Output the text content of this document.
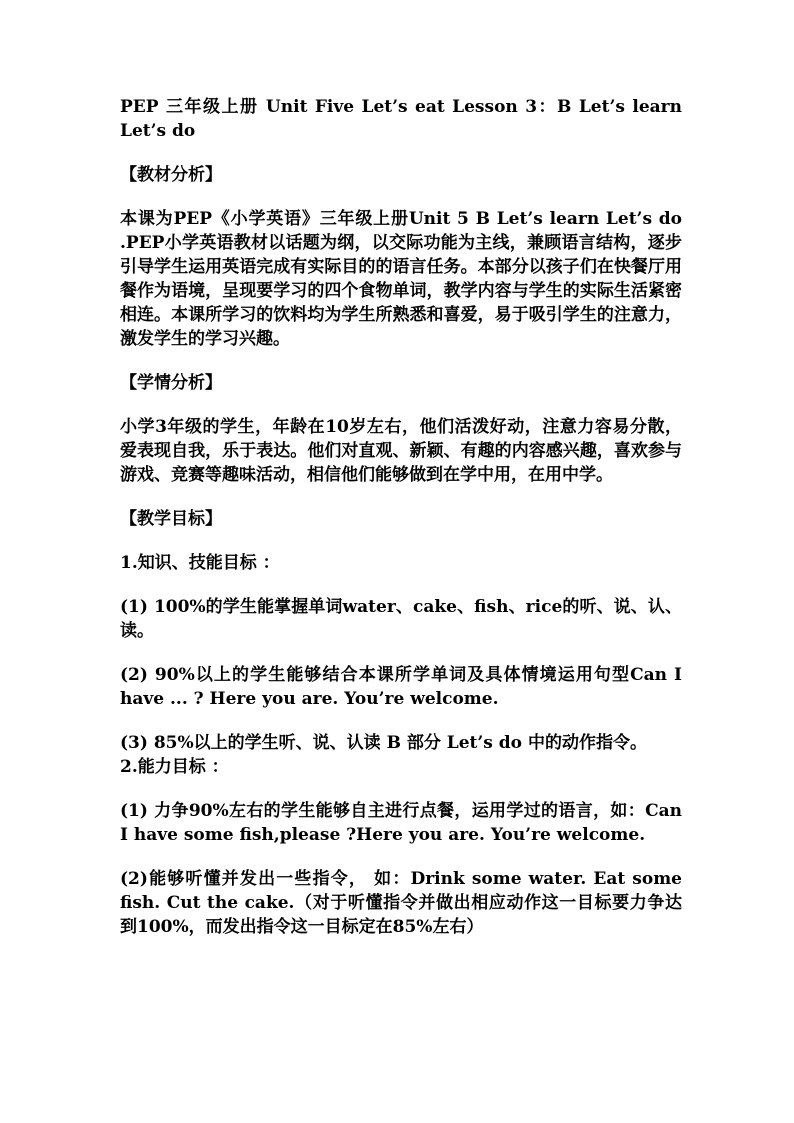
PEP 三年级上册 Unit Five Let’s eat Lesson 3：B Let’s learn Let’s do

【教材分析】

本课为PEP《小学英语》三年级上册Unit 5 B Let’s learn Let’s do .PEP小学英语教材以话题为纲，以交际功能为主线，兼顾语言结构，逐步引导学生运用英语完成有实际目的的语言任务。本部分以孩子们在快餐厅用餐作为语境，呈现要学习的四个食物单词，教学内容与学生的实际生活紧密相连。本课所学习的饮料均为学生所熟悉和喜爱，易于吸引学生的注意力，激发学生的学习兴趣。

【学情分析】

小学3年级的学生，年龄在10岁左右，他们活泼好动，注意力容易分散，爱表现自我，乐于表达。他们对直观、新颖、有趣的内容感兴趣，喜欢参与游戏、竞赛等趣味活动，相信他们能够做到在学中用，在用中学。

【教学目标】

1.知识、技能目标 ：

(1) 100%的学生能掌握单词water、cake、fish、rice的听、说、认、读。

(2) 90%以上的学生能够结合本课所学单词及具体情境运用句型Can I have ... ? Here you are. You’re welcome.

(3) 85%以上的学生听、说、认读 B 部分 Let’s do 中的动作指令。

2.能力目标 ：

(1) 力争90%左右的学生能够自主进行点餐，运用学过的语言，如：Can I have some fish,please ?Here you are. You’re welcome.

(2)能够听懂并发出一些指令， 如：Drink some water. Eat some fish. Cut the cake.（对于听懂指令并做出相应动作这一目标要力争达到100%，而发出指令这一目标定在85%左右）
